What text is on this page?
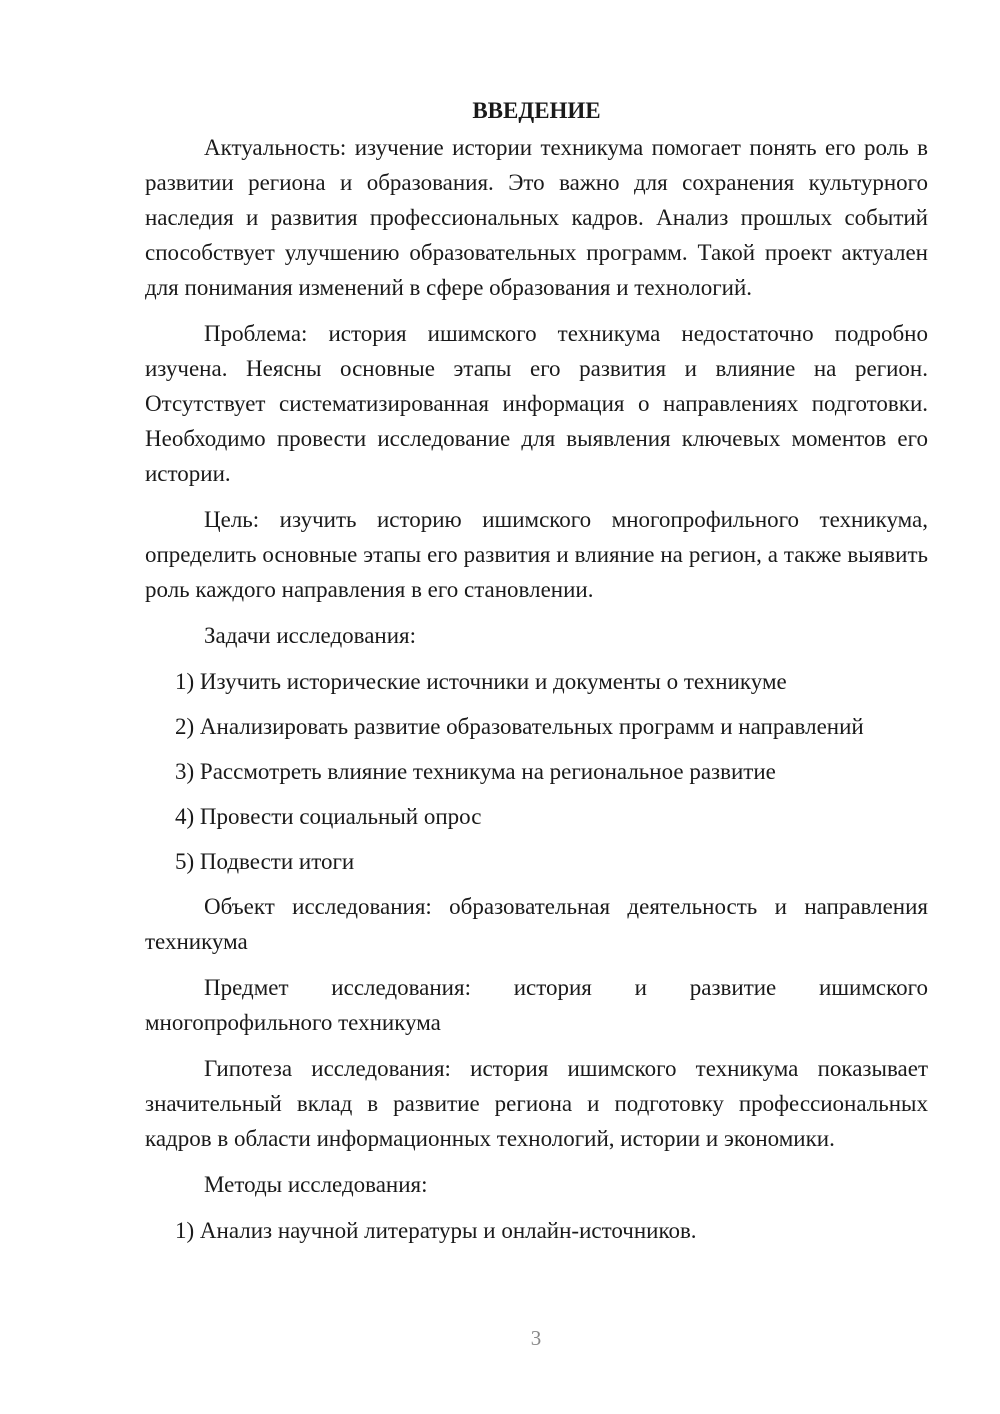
ВВЕДЕНИЕ

Актуальность: изучение истории техникума помогает понять его роль в развитии региона и образования. Это важно для сохранения культурного наследия и развития профессиональных кадров. Анализ прошлых событий способствует улучшению образовательных программ. Такой проект актуален для понимания изменений в сфере образования и технологий.

Проблема: история ишимского техникума недостаточно подробно изучена. Неясны основные этапы его развития и влияние на регион. Отсутствует систематизированная информация о направлениях подготовки. Необходимо провести исследование для выявления ключевых моментов его истории.

Цель: изучить историю ишимского многопрофильного техникума, определить основные этапы его развития и влияние на регион, а также выявить роль каждого направления в его становлении.

Задачи исследования:

1) Изучить исторические источники и документы о техникуме

2) Анализировать развитие образовательных программ и направлений

3) Рассмотреть влияние техникума на региональное развитие

4) Провести социальный опрос

5) Подвести итоги

Объект исследования: образовательная деятельность и направления техникума

Предмет исследования: история и развитие ишимского многопрофильного техникума

Гипотеза исследования: история ишимского техникума показывает значительный вклад в развитие региона и подготовку профессиональных кадров в области информационных технологий, истории и экономики.

Методы исследования:

1) Анализ научной литературы и онлайн-источников.

3
